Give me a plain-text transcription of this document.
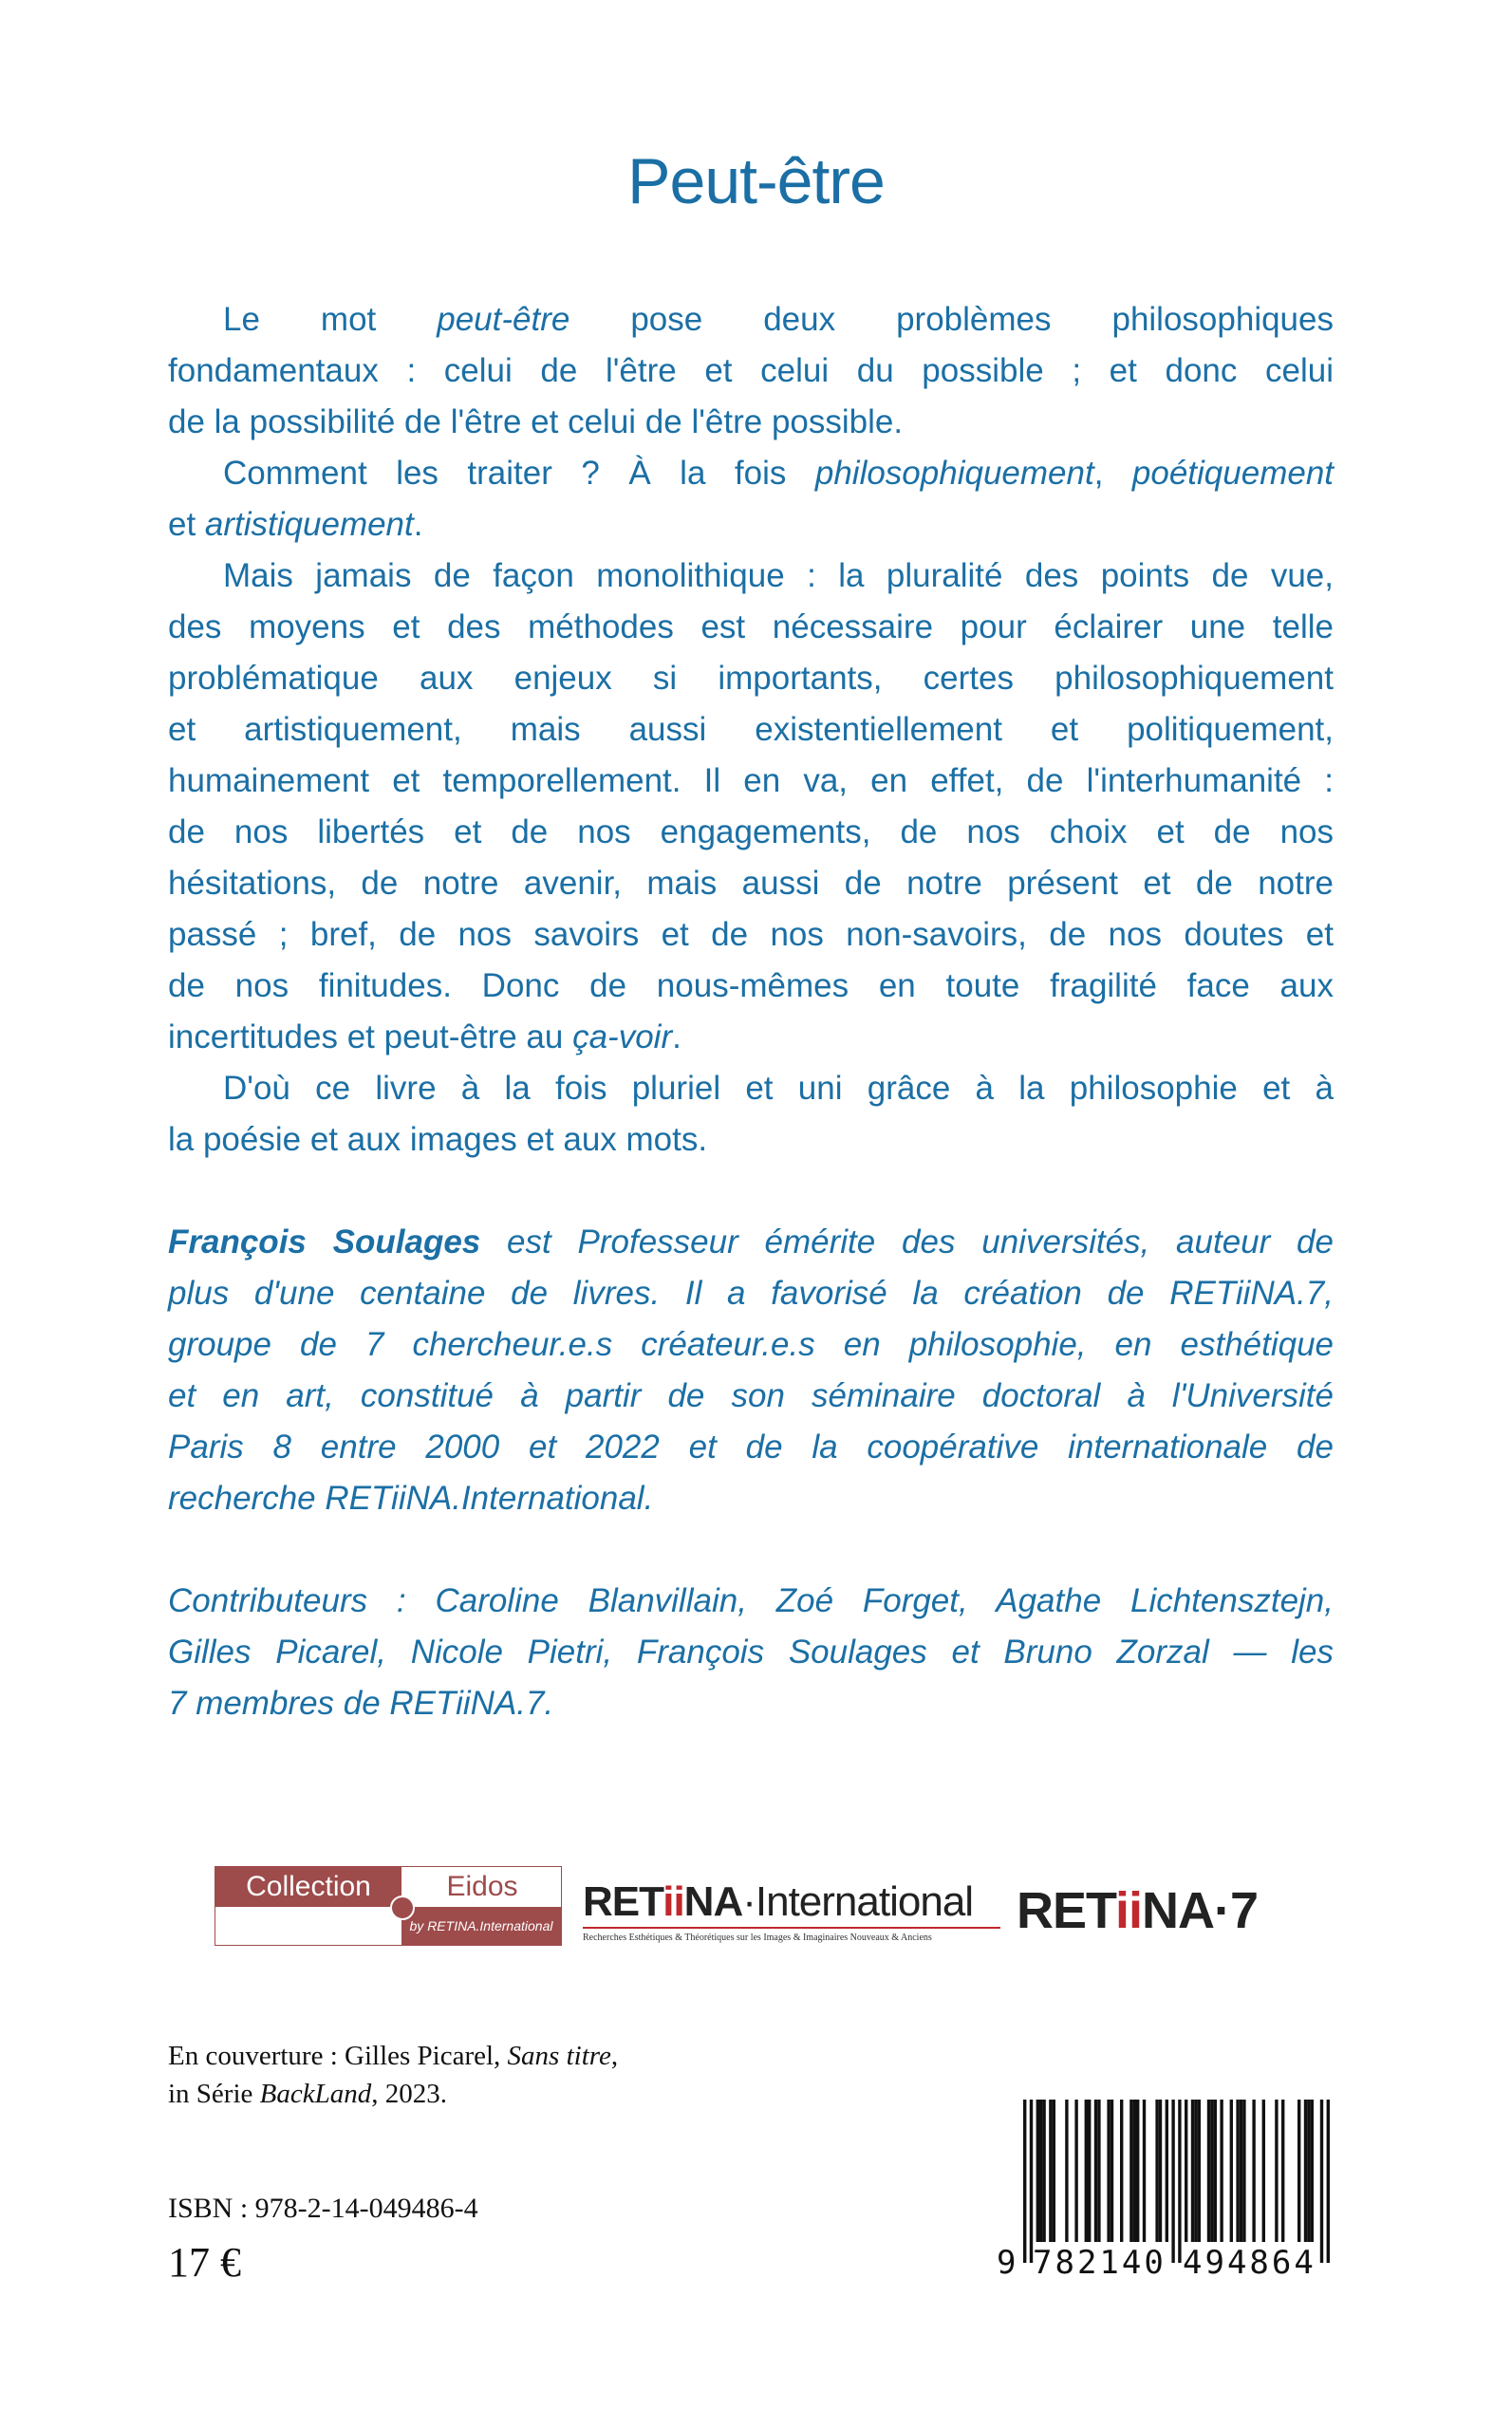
Peut-être
Le mot peut-être pose deux problèmes philosophiques
fondamentaux : celui de l'être et celui du possible ; et donc celui
de la possibilité de l'être et celui de l'être possible.
Comment les traiter ? À la fois philosophiquement, poétiquement
et artistiquement.
Mais jamais de façon monolithique : la pluralité des points de vue,
des moyens et des méthodes est nécessaire pour éclairer une telle
problématique aux enjeux si importants, certes philosophiquement
et artistiquement, mais aussi existentiellement et politiquement,
humainement et temporellement. Il en va, en effet, de l'interhumanité :
de nos libertés et de nos engagements, de nos choix et de nos
hésitations, de notre avenir, mais aussi de notre présent et de notre
passé ; bref, de nos savoirs et de nos non-savoirs, de nos doutes et
de nos finitudes. Donc de nous-mêmes en toute fragilité face aux
incertitudes et peut-être au ça-voir.
D'où ce livre à la fois pluriel et uni grâce à la philosophie et à
la poésie et aux images et aux mots.
François Soulages est Professeur émérite des universités, auteur de
plus d'une centaine de livres. Il a favorisé la création de RETiiNA.7,
groupe de 7 chercheur.e.s créateur.e.s en philosophie, en esthétique
et en art, constitué à partir de son séminaire doctoral à l'Université
Paris 8 entre 2000 et 2022 et de la coopérative internationale de
recherche RETiiNA.International.
Contributeurs : Caroline Blanvillain, Zoé Forget, Agathe Lichtensztejn,
Gilles Picarel, Nicole Pietri, François Soulages et Bruno Zorzal — les
7 membres de RETiiNA.7.
Collection	Eidos
by RETINA.International
RETiiNA·International
Recherches Esthétiques & Théorétiques sur les Images & Imaginaires Nouveaux & Anciens	RETiiNA·7
En couverture : Gilles Picarel, Sans titre,
in Série BackLand, 2023.
ISBN : 978-2-14-049486-4
17 €	9 782140 494864
